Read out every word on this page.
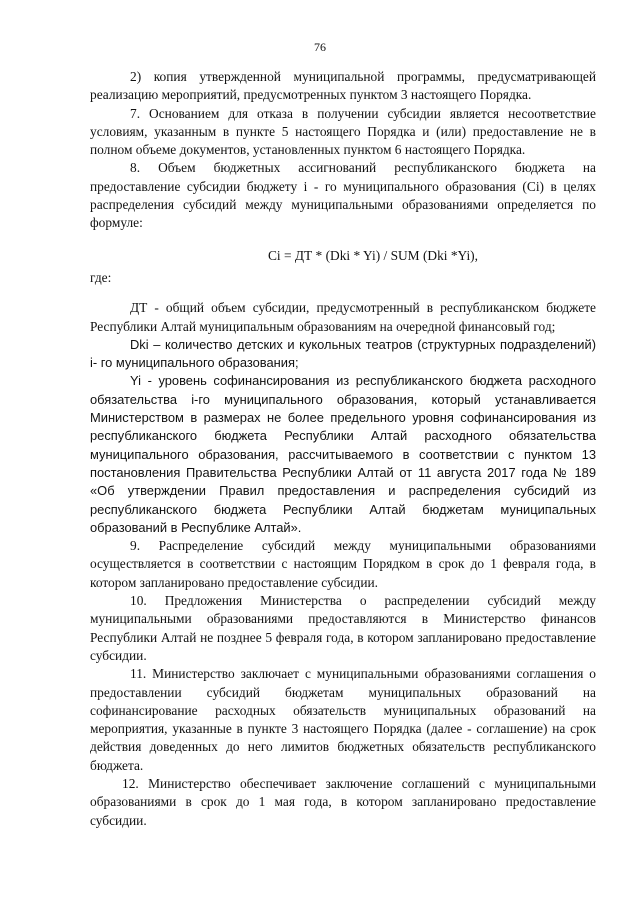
76

2) копия утвержденной муниципальной программы, предусматривающей реализацию мероприятий, предусмотренных пунктом 3 настоящего Порядка.

7. Основанием для отказа в получении субсидии является несоответствие условиям, указанным в пункте 5 настоящего Порядка и (или) предоставление не в полном объеме документов, установленных пунктом 6 настоящего Порядка.

8. Объем бюджетных ассигнований республиканского бюджета на предоставление субсидии бюджету i - го муниципального образования (Ci) в целях распределения субсидий между муниципальными образованиями определяется по формуле:

Ci = ДТ * (Dki * Yi) / SUM (Dki *Yi),

где:

ДТ - общий объем субсидии, предусмотренный в республиканском бюджете Республики Алтай муниципальным образованиям на очередной финансовый год;

Dki – количество детских и кукольных театров (структурных подразделений) i- го муниципального образования;

Yi - уровень софинансирования из республиканского бюджета расходного обязательства i-го муниципального образования, который устанавливается Министерством в размерах не более предельного уровня софинансирования из республиканского бюджета Республики Алтай расходного обязательства муниципального образования, рассчитываемого в соответствии с пунктом 13 постановления Правительства Республики Алтай от 11 августа 2017 года № 189 «Об утверждении Правил предоставления и распределения субсидий из республиканского бюджета Республики Алтай бюджетам муниципальных образований в Республике Алтай».

9. Распределение субсидий между муниципальными образованиями осуществляется в соответствии с настоящим Порядком в срок до 1 февраля года, в котором запланировано предоставление субсидии.

10. Предложения Министерства о распределении субсидий между муниципальными образованиями предоставляются в Министерство финансов Республики Алтай не позднее 5 февраля года, в котором запланировано предоставление субсидии.

11. Министерство заключает с муниципальными образованиями соглашения о предоставлении субсидий бюджетам муниципальных образований на софинансирование расходных обязательств муниципальных образований на мероприятия, указанные в пункте 3 настоящего Порядка (далее - соглашение) на срок действия доведенных до него лимитов бюджетных обязательств республиканского бюджета.

12. Министерство обеспечивает заключение соглашений с муниципальными образованиями в срок до 1 мая года, в котором запланировано предоставление субсидии.
